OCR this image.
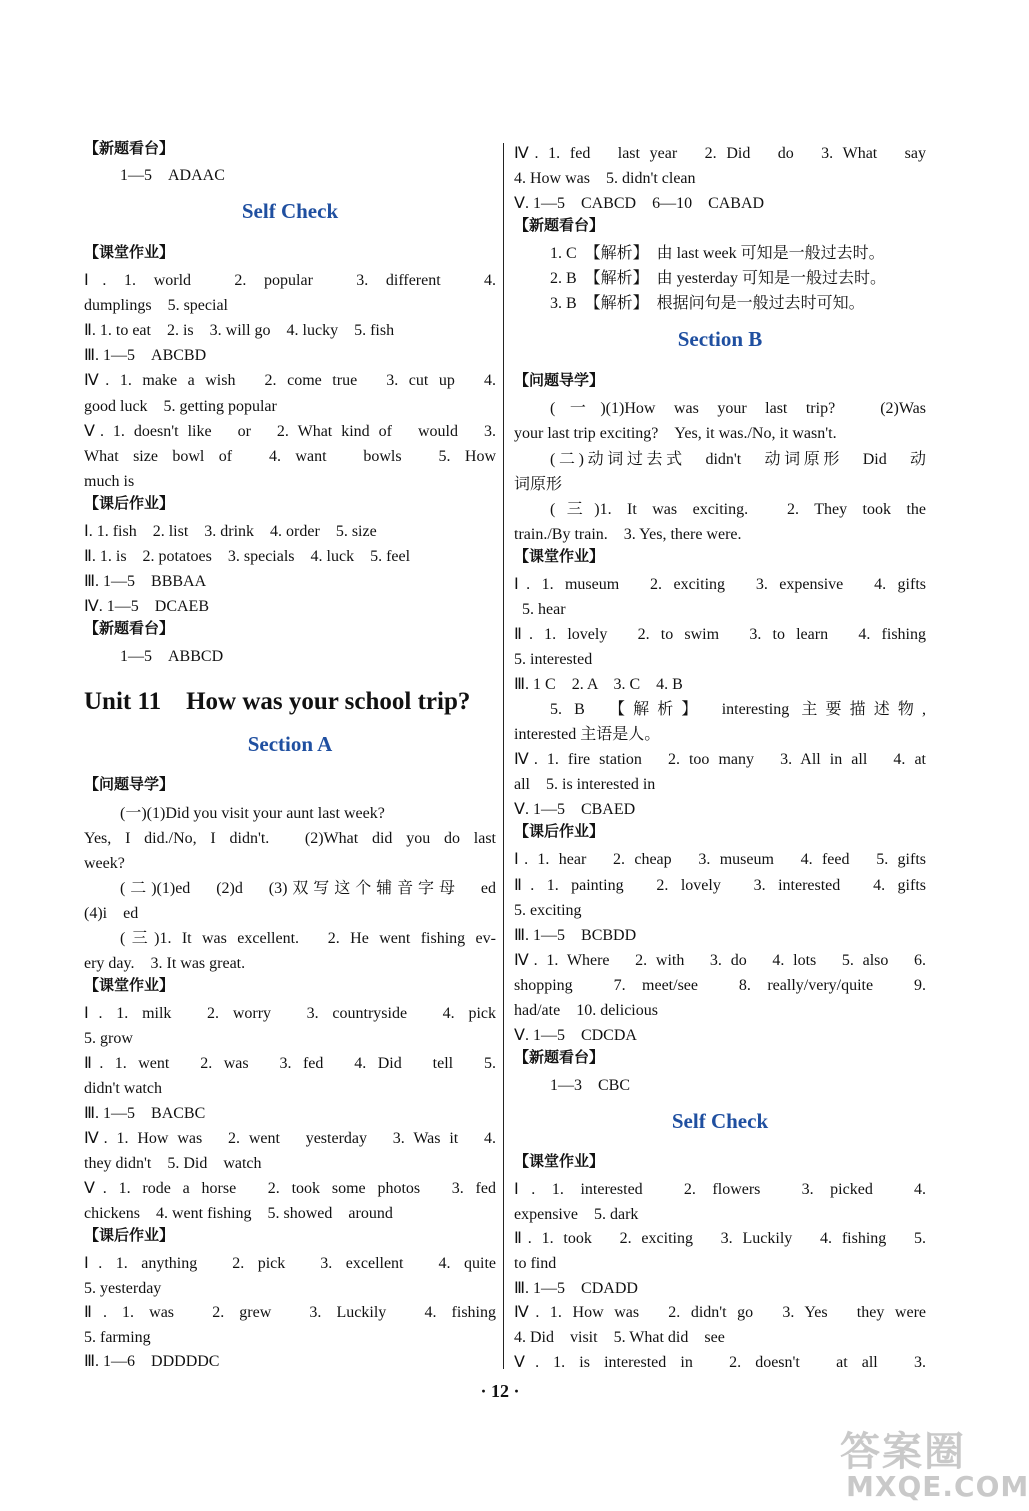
【新题看台】
1—5　ADAAC
Self Check
【课堂作业】
Ⅰ. 1. world　2. popular　3. different　4.
dumplings　5. special
Ⅱ. 1. to eat　2. is　3. will go　4. lucky　5. fish
Ⅲ. 1—5　ABCBD
Ⅳ. 1. make a wish　2. come true　3. cut up　4.
good luck　5. getting popular
Ⅴ. 1. doesn't like　or　2. What kind of　would　3.
What size bowl of　4. want　bowls　5. How
much is
【课后作业】
Ⅰ. 1. fish　2. list　3. drink　4. order　5. size
Ⅱ. 1. is　2. potatoes　3. specials　4. luck　5. feel
Ⅲ. 1—5　BBBAA
Ⅳ. 1—5　DCAEB
【新题看台】
1—5　ABBCD
Unit 11　How was your school trip?
Section A
【问题导学】
(一)(1)Did you visit your aunt last week?
Yes, I did./No, I didn't.　(2)What did you do last
week?
(二)(1)ed　(2)d　(3)双写这个辅音字母　ed
(4)i　ed
(三)1. It was excellent.　2. He went fishing ev-
ery day.　3. It was great.
【课堂作业】
Ⅰ. 1. milk　2. worry　3. countryside　4. pick
5. grow
Ⅱ. 1. went　2. was　3. fed　4. Did　tell　5.
didn't watch
Ⅲ. 1—5　BACBC
Ⅳ. 1. How was　2. went　yesterday　3. Was it　4.
they didn't　5. Did　watch
Ⅴ. 1. rode a horse　2. took some photos　3. fed
chickens　4. went fishing　5. showed　around
【课后作业】
Ⅰ. 1. anything　2. pick　3. excellent　4. quite
5. yesterday
Ⅱ. 1. was　2. grew　3. Luckily　4. fishing
5. farming
Ⅲ. 1—6　DDDDDC
Ⅳ. 1. fed　last year　2. Did　do　3. What　say
4. How was　5. didn't clean
Ⅴ. 1—5　CABCD　6—10　CABAD
【新题看台】
1. C　【解析】　由 last week 可知是一般过去时。
2. B　【解析】　由 yesterday 可知是一般过去时。
3. B　【解析】　根据问句是一般过去时可知。
Section B
【问题导学】
(一)(1)How was your last trip?　(2)Was
your last trip exciting?　Yes, it was./No, it wasn't.
(二)动词过去式　didn't　动词原形　Did　动
词原形
(三)1. It was exciting.　2. They took the
train./By train.　3. Yes, there were.
【课堂作业】
Ⅰ. 1. museum　2. exciting　3. expensive　4. gifts
5. hear
Ⅱ. 1. lovely　2. to swim　3. to learn　4. fishing
5. interested
Ⅲ. 1 C　2. A　3. C　4. B
5. B　【解析】　interesting 主要描述物,
interested 主语是人。
Ⅳ. 1. fire station　2. too many　3. All in all　4. at
all　5. is interested in
Ⅴ. 1—5　CBAED
【课后作业】
Ⅰ. 1. hear　2. cheap　3. museum　4. feed　5. gifts
Ⅱ. 1. painting　2. lovely　3. interested　4. gifts
5. exciting
Ⅲ. 1—5　BCBDD
Ⅳ. 1. Where　2. with　3. do　4. lots　5. also　6.
shopping　7. meet/see　8. really/very/quite　9.
had/ate　10. delicious
Ⅴ. 1—5　CDCDA
【新题看台】
1—3　CBC
Self Check
【课堂作业】
Ⅰ. 1. interested　2. flowers　3. picked　4.
expensive　5. dark
Ⅱ. 1. took　2. exciting　3. Luckily　4. fishing　5.
to find
Ⅲ. 1—5　CDADD
Ⅳ. 1. How was　2. didn't go　3. Yes　they were
4. Did　visit　5. What did　see
Ⅴ. 1. is interested in　2. doesn't　at all　3.
· 12 ·
答案圈
MXQE.COM
